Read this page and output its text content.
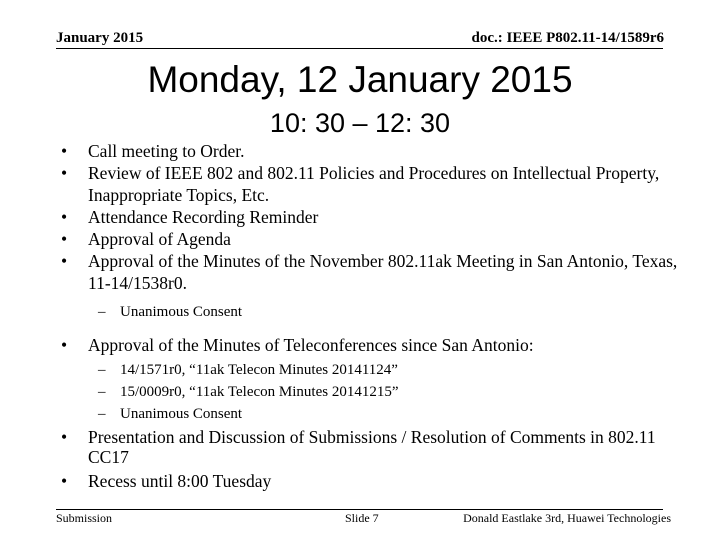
January 2015	doc.: IEEE P802.11-14/1589r6
Monday, 12 January 2015
10: 30 – 12: 30
• Call meeting to Order.
• Review of IEEE 802 and 802.11 Policies and Procedures on Intellectual Property, Inappropriate Topics, Etc.
• Attendance Recording Reminder
• Approval of Agenda
• Approval of the Minutes of the November 802.11ak Meeting in San Antonio, Texas, 11-14/1538r0.
– Unanimous Consent
• Approval of the Minutes of Teleconferences since San Antonio:
– 14/1571r0, “11ak Telecon Minutes 20141124”
– 15/0009r0, “11ak Telecon Minutes 20141215”
– Unanimous Consent
• Presentation and Discussion of Submissions / Resolution of Comments in 802.11 CC17
• Recess until 8:00 Tuesday
Submission	Slide 7	Donald Eastlake 3rd, Huawei Technologies
